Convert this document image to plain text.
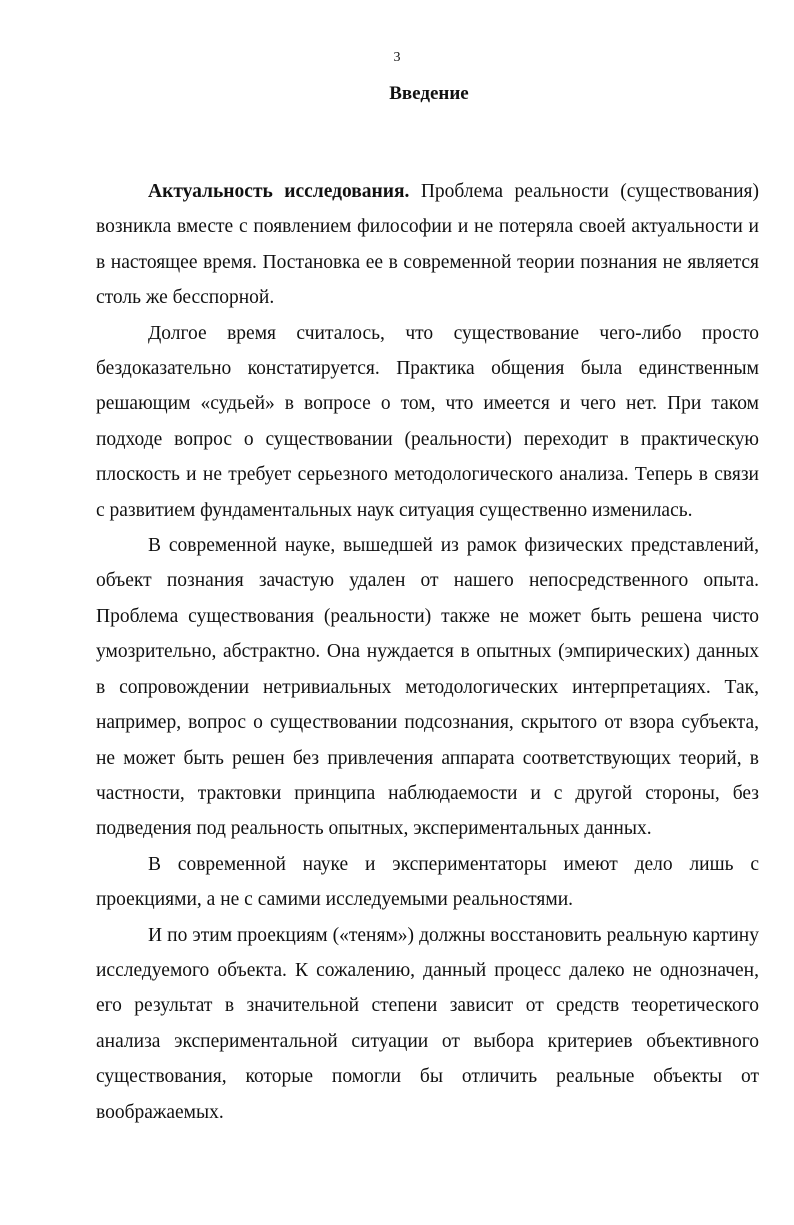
3
Введение

Актуальность исследования. Проблема реальности (существования) возникла вместе с появлением философии и не потеряла своей актуальности и в настоящее время. Постановка ее в современной теории познания не является столь же бесспорной.

Долгое время считалось, что существование чего-либо просто бездоказательно констатируется. Практика общения была единственным решающим «судьей» в вопросе о том, что имеется и чего нет. При таком подходе вопрос о существовании (реальности) переходит в практическую плоскость и не требует серьезного методологического анализа. Теперь в связи с развитием фундаментальных наук ситуация существенно изменилась.

В современной науке, вышедшей из рамок физических представлений, объект познания зачастую удален от нашего непосредственного опыта. Проблема существования (реальности) также не может быть решена чисто умозрительно, абстрактно. Она нуждается в опытных (эмпирических) данных в сопровождении нетривиальных методологических интерпретациях. Так, например, вопрос о существовании подсознания, скрытого от взора субъекта, не может быть решен без привлечения аппарата соответствующих теорий, в частности, трактовки принципа наблюдаемости и с другой стороны, без подведения под реальность опытных, экспериментальных данных.

В современной науке и экспериментаторы имеют дело лишь с проекциями, а не с самими исследуемыми реальностями.

И по этим проекциям («теням») должны восстановить реальную картину исследуемого объекта. К сожалению, данный процесс далеко не однозначен, его результат в значительной степени зависит от средств теоретического анализа экспериментальной ситуации от выбора критериев объективного существования, которые помогли бы отличить реальные объекты от воображаемых.
